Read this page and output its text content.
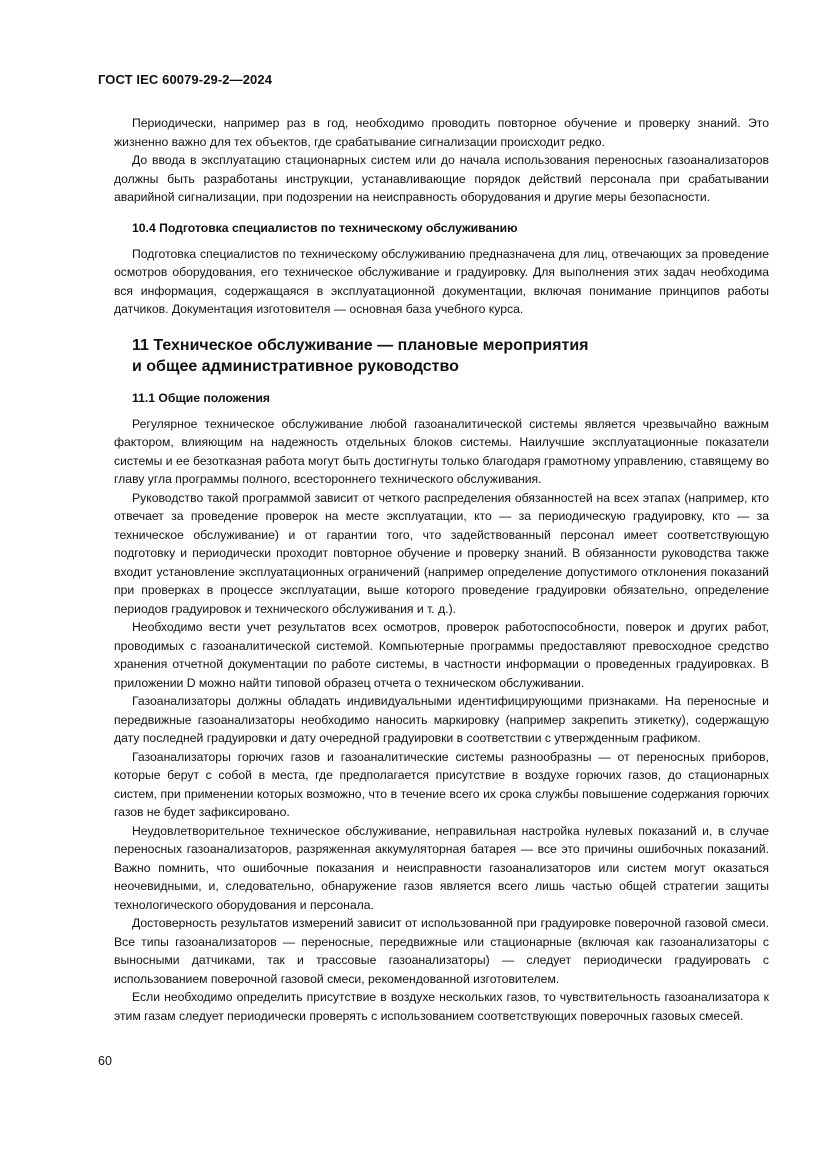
ГОСТ IEC 60079-29-2—2024

Периодически, например раз в год, необходимо проводить повторное обучение и проверку знаний. Это жизненно важно для тех объектов, где срабатывание сигнализации происходит редко.

До ввода в эксплуатацию стационарных систем или до начала использования переносных газоанализаторов должны быть разработаны инструкции, устанавливающие порядок действий персонала при срабатывании аварийной сигнализации, при подозрении на неисправность оборудования и другие меры безопасности.

10.4 Подготовка специалистов по техническому обслуживанию

Подготовка специалистов по техническому обслуживанию предназначена для лиц, отвечающих за проведение осмотров оборудования, его техническое обслуживание и градуировку. Для выполнения этих задач необходима вся информация, содержащаяся в эксплуатационной документации, включая понимание принципов работы датчиков. Документация изготовителя — основная база учебного курса.

11 Техническое обслуживание — плановые мероприятия
и общее административное руководство
11.1 Общие положения

Регулярное техническое обслуживание любой газоаналитической системы является чрезвычайно важным фактором, влияющим на надежность отдельных блоков системы. Наилучшие эксплуатационные показатели системы и ее безотказная работа могут быть достигнуты только благодаря грамотному управлению, ставящему во главу угла программы полного, всестороннего технического обслуживания.

Руководство такой программой зависит от четкого распределения обязанностей на всех этапах (например, кто отвечает за проведение проверок на месте эксплуатации, кто — за периодическую градуировку, кто — за техническое обслуживание) и от гарантии того, что задействованный персонал имеет соответствующую подготовку и периодически проходит повторное обучение и проверку знаний. В обязанности руководства также входит установление эксплуатационных ограничений (например определение допустимого отклонения показаний при проверках в процессе эксплуатации, выше которого проведение градуировки обязательно, определение периодов градуировок и технического обслуживания и т. д.).

Необходимо вести учет результатов всех осмотров, проверок работоспособности, поверок и других работ, проводимых с газоаналитической системой. Компьютерные программы предоставляют превосходное средство хранения отчетной документации по работе системы, в частности информации о проведенных градуировках. В приложении D можно найти типовой образец отчета о техническом обслуживании.

Газоанализаторы должны обладать индивидуальными идентифицирующими признаками. На переносные и передвижные газоанализаторы необходимо наносить маркировку (например закрепить этикетку), содержащую дату последней градуировки и дату очередной градуировки в соответствии с утвержденным графиком.

Газоанализаторы горючих газов и газоаналитические системы разнообразны — от переносных приборов, которые берут с собой в места, где предполагается присутствие в воздухе горючих газов, до стационарных систем, при применении которых возможно, что в течение всего их срока службы повышение содержания горючих газов не будет зафиксировано.

Неудовлетворительное техническое обслуживание, неправильная настройка нулевых показаний и, в случае переносных газоанализаторов, разряженная аккумуляторная батарея — все это причины ошибочных показаний. Важно помнить, что ошибочные показания и неисправности газоанализаторов или систем могут оказаться неочевидными, и, следовательно, обнаружение газов является всего лишь частью общей стратегии защиты технологического оборудования и персонала.

Достоверность результатов измерений зависит от использованной при градуировке поверочной газовой смеси. Все типы газоанализаторов — переносные, передвижные или стационарные (включая как газоанализаторы с выносными датчиками, так и трассовые газоанализаторы) — следует периодически градуировать с использованием поверочной газовой смеси, рекомендованной изготовителем.

Если необходимо определить присутствие в воздухе нескольких газов, то чувствительность газоанализатора к этим газам следует периодически проверять с использованием соответствующих поверочных газовых смесей.

60
